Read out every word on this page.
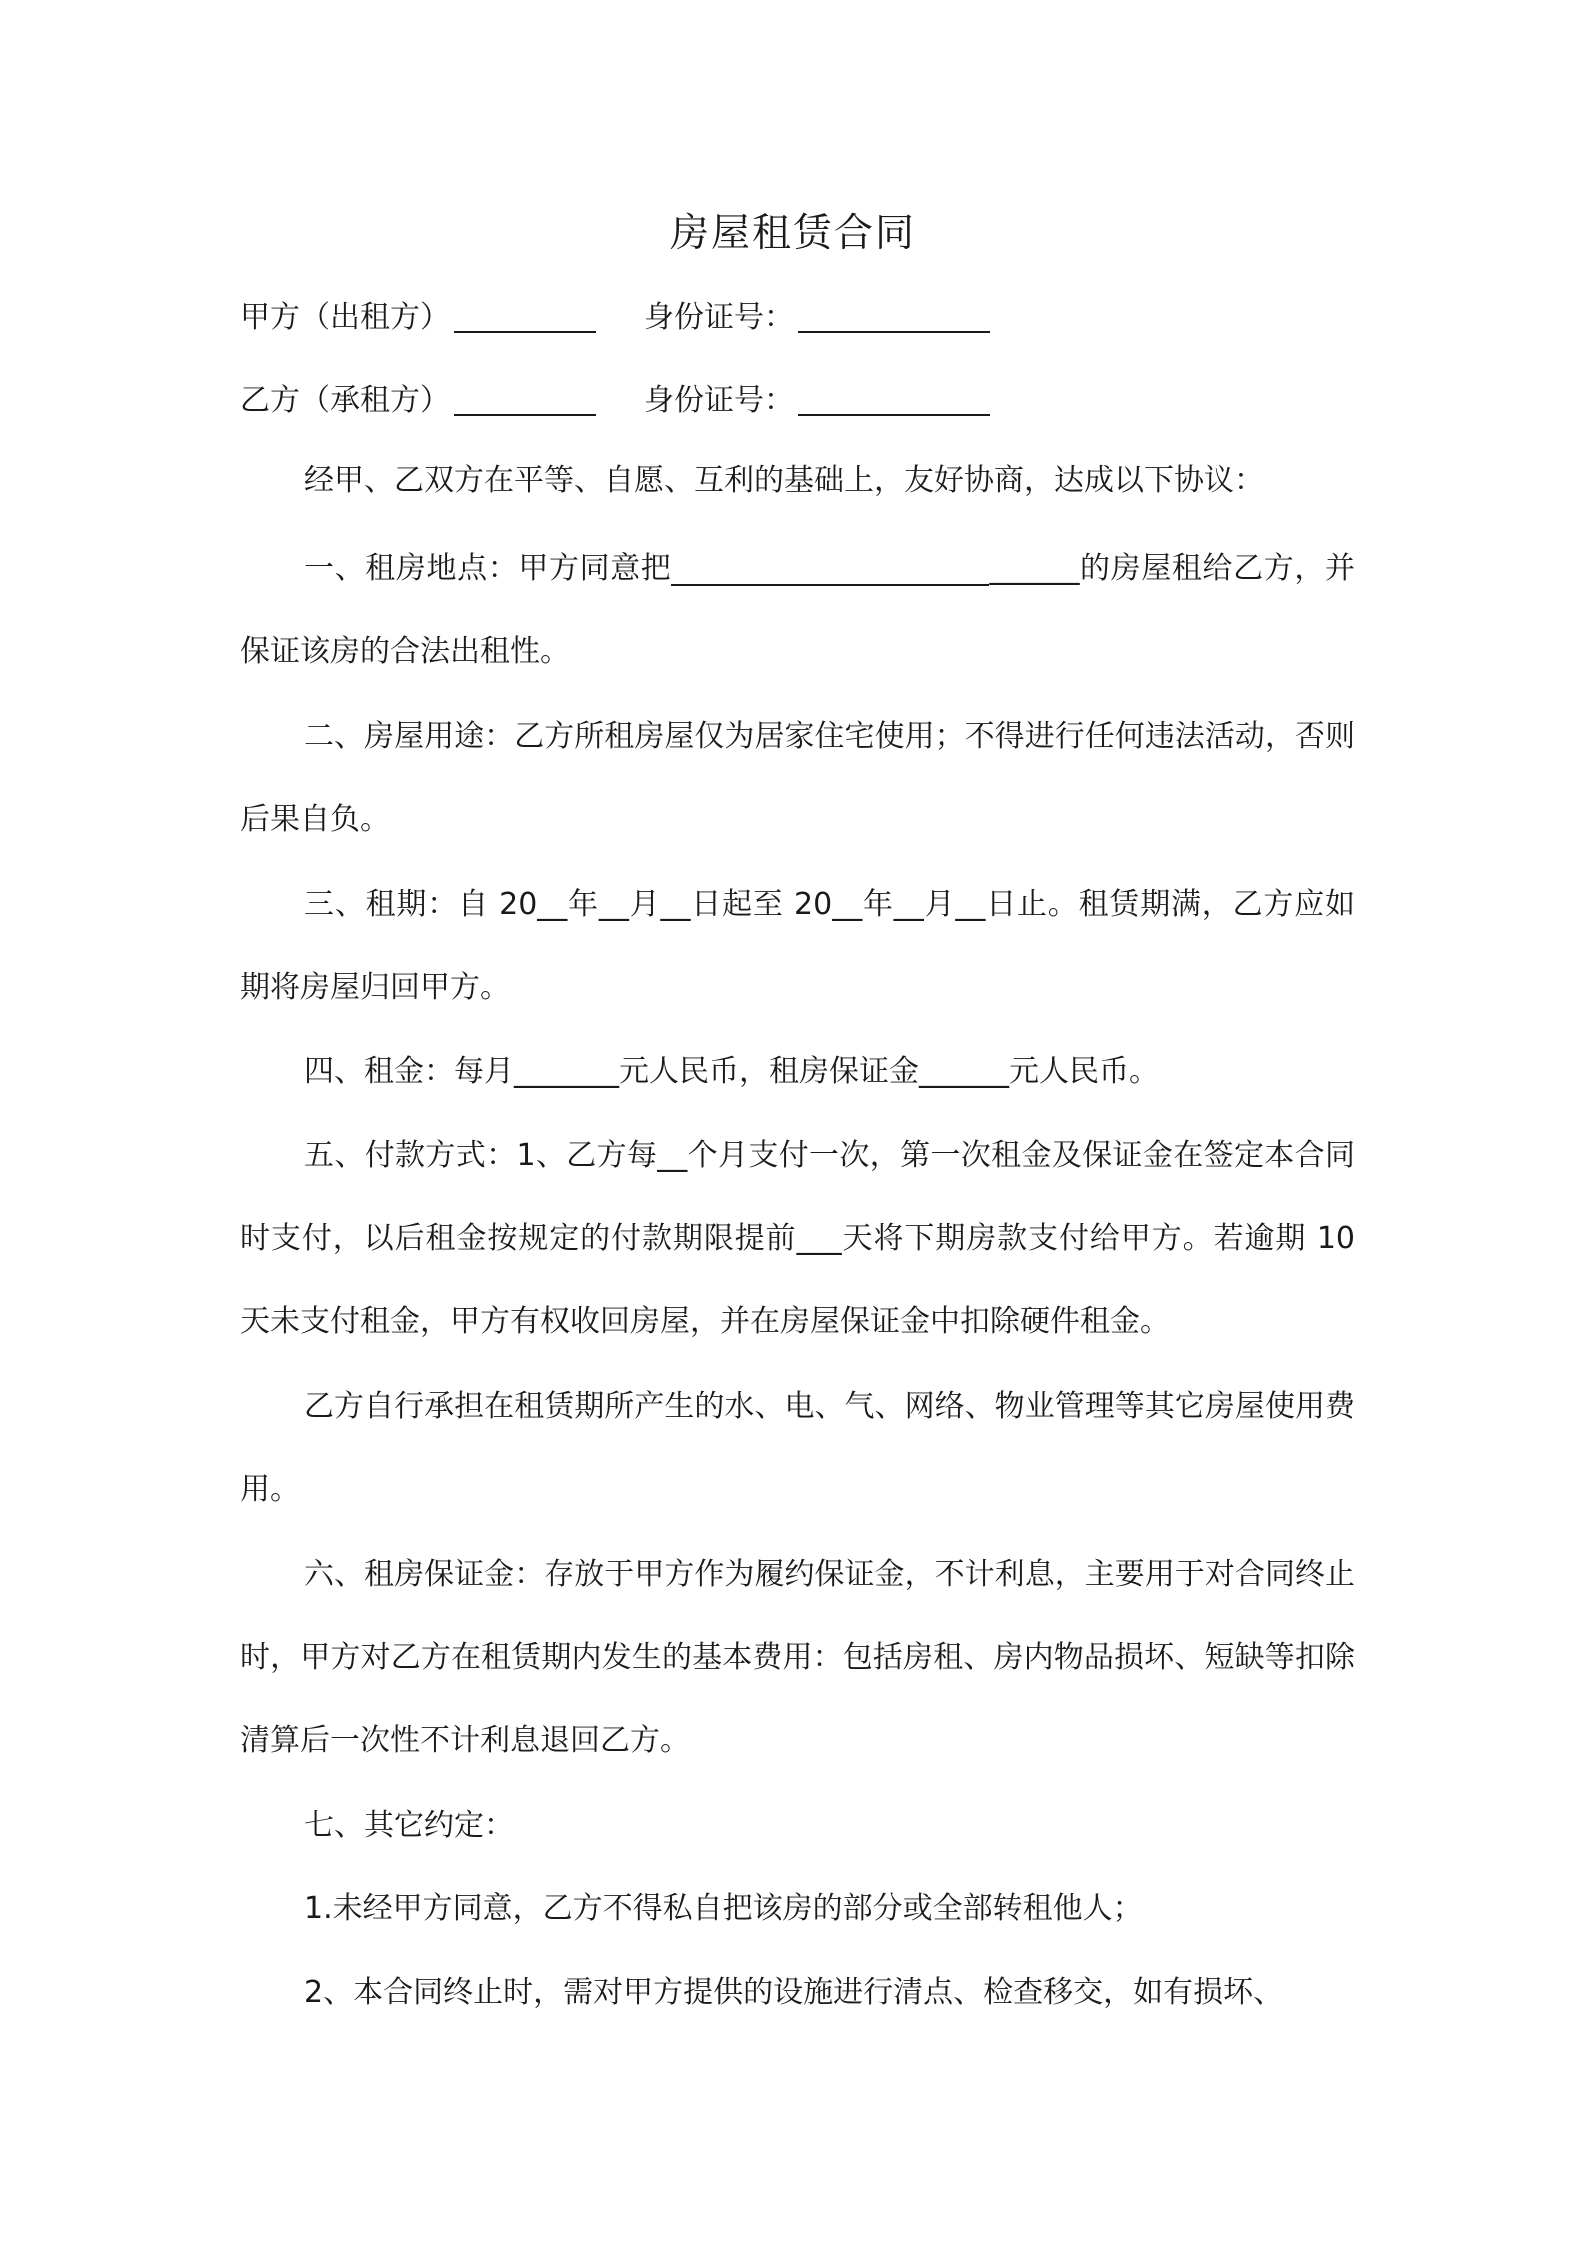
房屋租赁合同
甲方（出租方）	身份证号：
乙方（承租方）	身份证号：
经甲、乙双方在平等、自愿、互利的基础上，友好协商，达成以下协议：
一、租房地点：甲方同意把	______的房屋租给乙方，并保证该房的合法出租性。
二、房屋用途：乙方所租房屋仅为居家住宅使用；不得进行任何违法活动，否则后果自负。
三、租期：自 20__年__月__日起至 20__年__月__日止。租赁期满，乙方应如期将房屋归回甲方。
四、租金：每月_______元人民币，租房保证金______元人民币。
五、付款方式：1、乙方每__个月支付一次，第一次租金及保证金在签定本合同时支付，以后租金按规定的付款期限提前___天将下期房款支付给甲方。若逾期 10 天未支付租金，甲方有权收回房屋，并在房屋保证金中扣除硬件租金。
乙方自行承担在租赁期所产生的水、电、气、网络、物业管理等其它房屋使用费用。
六、租房保证金：存放于甲方作为履约保证金，不计利息，主要用于对合同终止时，甲方对乙方在租赁期内发生的基本费用：包括房租、房内物品损坏、短缺等扣除清算后一次性不计利息退回乙方。
七、其它约定：
1.未经甲方同意，乙方不得私自把该房的部分或全部转租他人；
2、本合同终止时，需对甲方提供的设施进行清点、检查移交，如有损坏、
